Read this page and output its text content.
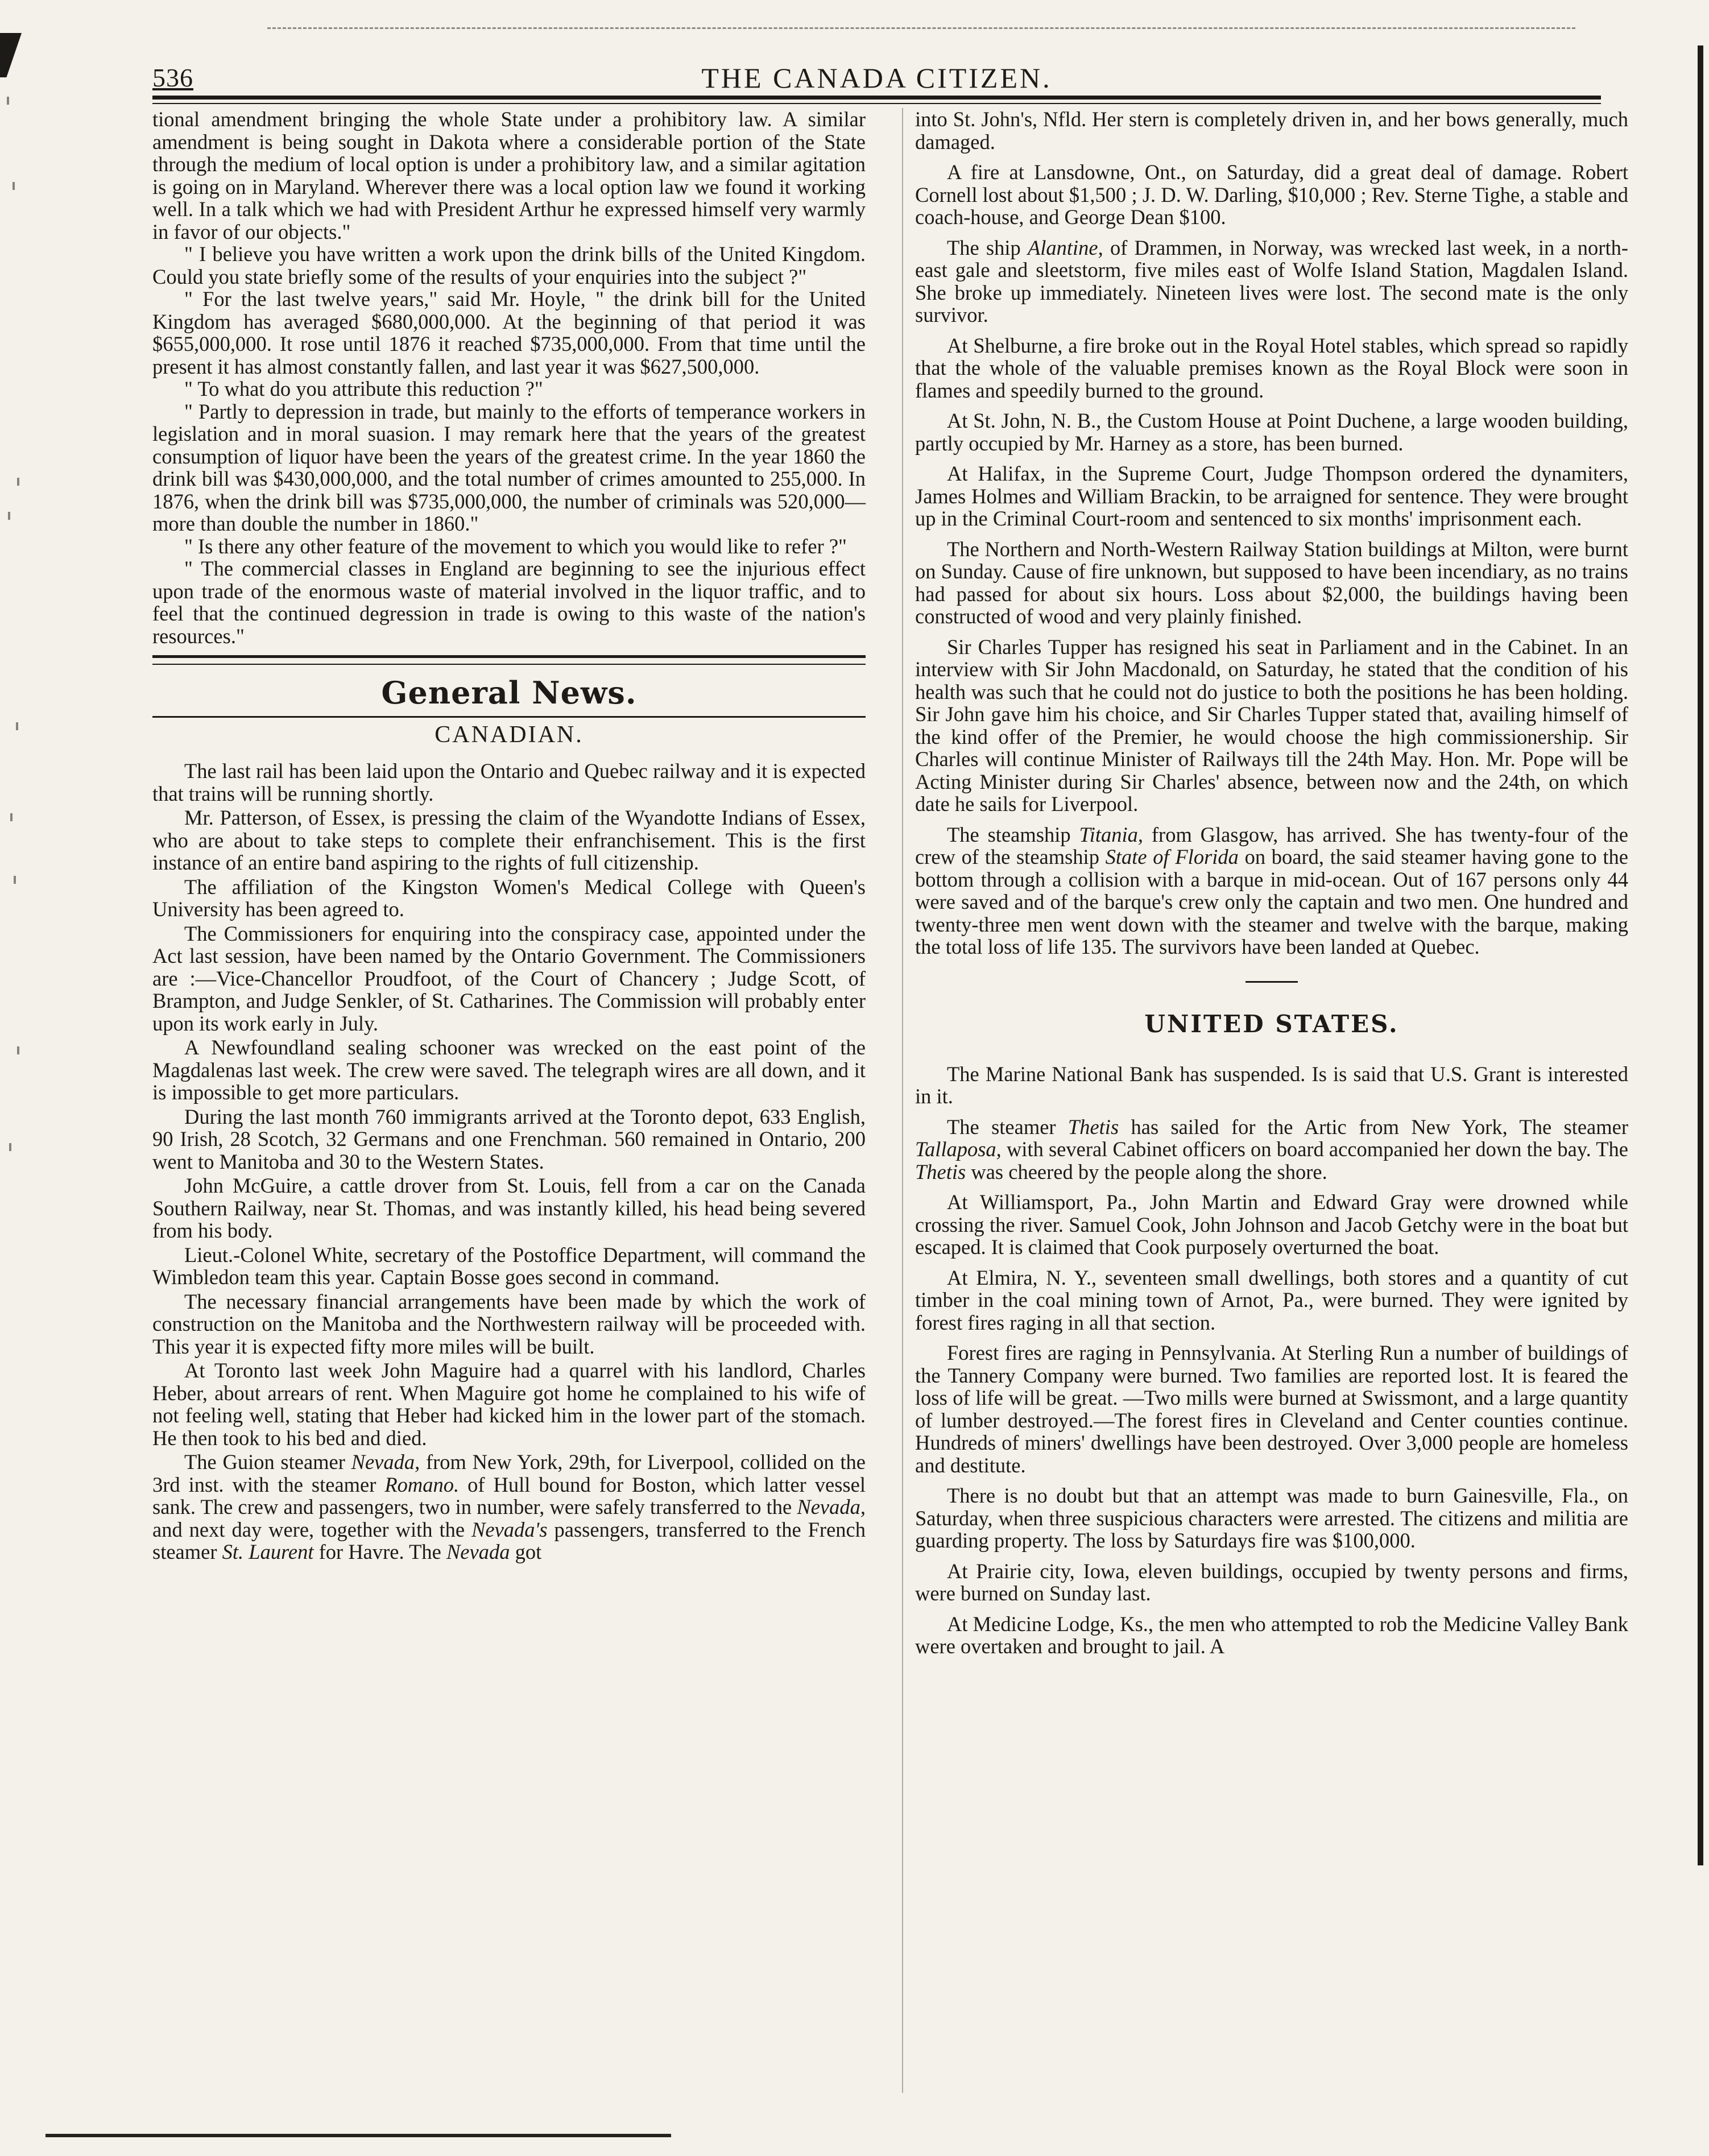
536	THE CANADA CITIZEN.

tional amendment bringing the whole State under a prohibitory law. A similar amendment is being sought in Dakota where a considerable portion of the State through the medium of local option is under a prohibitory law, and a similar agitation is going on in Maryland. Wherever there was a local option law we found it working well. In a talk which we had with President Arthur he expressed himself very warmly in favor of our objects."

" I believe you have written a work upon the drink bills of the United Kingdom. Could you state briefly some of the results of your enquiries into the subject ?"

" For the last twelve years," said Mr. Hoyle, " the drink bill for the United Kingdom has averaged $680,000,000. At the beginning of that period it was $655,000,000. It rose until 1876 it reached $735,000,000. From that time until the present it has almost constantly fallen, and last year it was $627,500,000.

" To what do you attribute this reduction ?"

" Partly to depression in trade, but mainly to the efforts of temperance workers in legislation and in moral suasion. I may remark here that the years of the greatest consumption of liquor have been the years of the greatest crime. In the year 1860 the drink bill was $430,000,000, and the total number of crimes amounted to 255,000. In 1876, when the drink bill was $735,000,000, the number of criminals was 520,000—more than double the number in 1860."

" Is there any other feature of the movement to which you would like to refer ?"

" The commercial classes in England are beginning to see the injurious effect upon trade of the enormous waste of material involved in the liquor traffic, and to feel that the continued degression in trade is owing to this waste of the nation's resources."

General News.
CANADIAN.

The last rail has been laid upon the Ontario and Quebec railway and it is expected that trains will be running shortly.

Mr. Patterson, of Essex, is pressing the claim of the Wyandotte Indians of Essex, who are about to take steps to complete their enfranchisement. This is the first instance of an entire band aspiring to the rights of full citizenship.

The affiliation of the Kingston Women's Medical College with Queen's University has been agreed to.

The Commissioners for enquiring into the conspiracy case, appointed under the Act last session, have been named by the Ontario Government. The Commissioners are :—Vice-Chancellor Proudfoot, of the Court of Chancery ; Judge Scott, of Brampton, and Judge Senkler, of St. Catharines. The Commission will probably enter upon its work early in July.

A Newfoundland sealing schooner was wrecked on the east point of the Magdalenas last week. The crew were saved. The telegraph wires are all down, and it is impossible to get more particulars.

During the last month 760 immigrants arrived at the Toronto depot, 633 English, 90 Irish, 28 Scotch, 32 Germans and one Frenchman. 560 remained in Ontario, 200 went to Manitoba and 30 to the Western States.

John McGuire, a cattle drover from St. Louis, fell from a car on the Canada Southern Railway, near St. Thomas, and was instantly killed, his head being severed from his body.

Lieut.-Colonel White, secretary of the Postoffice Department, will command the Wimbledon team this year. Captain Bosse goes second in command.

The necessary financial arrangements have been made by which the work of construction on the Manitoba and the Northwestern railway will be proceeded with. This year it is expected fifty more miles will be built.

At Toronto last week John Maguire had a quarrel with his landlord, Charles Heber, about arrears of rent. When Maguire got home he complained to his wife of not feeling well, stating that Heber had kicked him in the lower part of the stomach. He then took to his bed and died.

The Guion steamer Nevada, from New York, 29th, for Liverpool, collided on the 3rd inst. with the steamer Romano. of Hull bound for Boston, which latter vessel sank. The crew and passengers, two in number, were safely transferred to the Nevada, and next day were, together with the Nevada's passengers, transferred to the French steamer St. Laurent for Havre. The Nevada got

into St. John's, Nfld. Her stern is completely driven in, and her bows generally, much damaged.

A fire at Lansdowne, Ont., on Saturday, did a great deal of damage. Robert Cornell lost about $1,500 ; J. D. W. Darling, $10,000 ; Rev. Sterne Tighe, a stable and coach-house, and George Dean $100.

The ship Alantine, of Drammen, in Norway, was wrecked last week, in a north-east gale and sleetstorm, five miles east of Wolfe Island Station, Magdalen Island. She broke up immediately. Nineteen lives were lost. The second mate is the only survivor.

At Shelburne, a fire broke out in the Royal Hotel stables, which spread so rapidly that the whole of the valuable premises known as the Royal Block were soon in flames and speedily burned to the ground.

At St. John, N. B., the Custom House at Point Duchene, a large wooden building, partly occupied by Mr. Harney as a store, has been burned.

At Halifax, in the Supreme Court, Judge Thompson ordered the dynamiters, James Holmes and William Brackin, to be arraigned for sentence. They were brought up in the Criminal Court-room and sentenced to six months' imprisonment each.

The Northern and North-Western Railway Station buildings at Milton, were burnt on Sunday. Cause of fire unknown, but supposed to have been incendiary, as no trains had passed for about six hours. Loss about $2,000, the buildings having been constructed of wood and very plainly finished.

Sir Charles Tupper has resigned his seat in Parliament and in the Cabinet. In an interview with Sir John Macdonald, on Saturday, he stated that the condition of his health was such that he could not do justice to both the positions he has been holding. Sir John gave him his choice, and Sir Charles Tupper stated that, availing himself of the kind offer of the Premier, he would choose the high commissionership. Sir Charles will continue Minister of Railways till the 24th May. Hon. Mr. Pope will be Acting Minister during Sir Charles' absence, between now and the 24th, on which date he sails for Liverpool.

The steamship Titania, from Glasgow, has arrived. She has twenty-four of the crew of the steamship State of Florida on board, the said steamer having gone to the bottom through a collision with a barque in mid-ocean. Out of 167 persons only 44 were saved and of the barque's crew only the captain and two men. One hundred and twenty-three men went down with the steamer and twelve with the barque, making the total loss of life 135. The survivors have been landed at Quebec.

UNITED STATES.

The Marine National Bank has suspended. Is is said that U.S. Grant is interested in it.

The steamer Thetis has sailed for the Artic from New York, The steamer Tallaposa, with several Cabinet officers on board accompanied her down the bay. The Thetis was cheered by the people along the shore.

At Williamsport, Pa., John Martin and Edward Gray were drowned while crossing the river. Samuel Cook, John Johnson and Jacob Getchy were in the boat but escaped. It is claimed that Cook purposely overturned the boat.

At Elmira, N. Y., seventeen small dwellings, both stores and a quantity of cut timber in the coal mining town of Arnot, Pa., were burned. They were ignited by forest fires raging in all that section.

Forest fires are raging in Pennsylvania. At Sterling Run a number of buildings of the Tannery Company were burned. Two families are reported lost. It is feared the loss of life will be great. —Two mills were burned at Swissmont, and a large quantity of lumber destroyed.—The forest fires in Cleveland and Center counties continue. Hundreds of miners' dwellings have been destroyed. Over 3,000 people are homeless and destitute.

There is no doubt but that an attempt was made to burn Gainesville, Fla., on Saturday, when three suspicious characters were arrested. The citizens and militia are guarding property. The loss by Saturdays fire was $100,000.

At Prairie city, Iowa, eleven buildings, occupied by twenty persons and firms, were burned on Sunday last.

At Medicine Lodge, Ks., the men who attempted to rob the Medicine Valley Bank were overtaken and brought to jail. A
